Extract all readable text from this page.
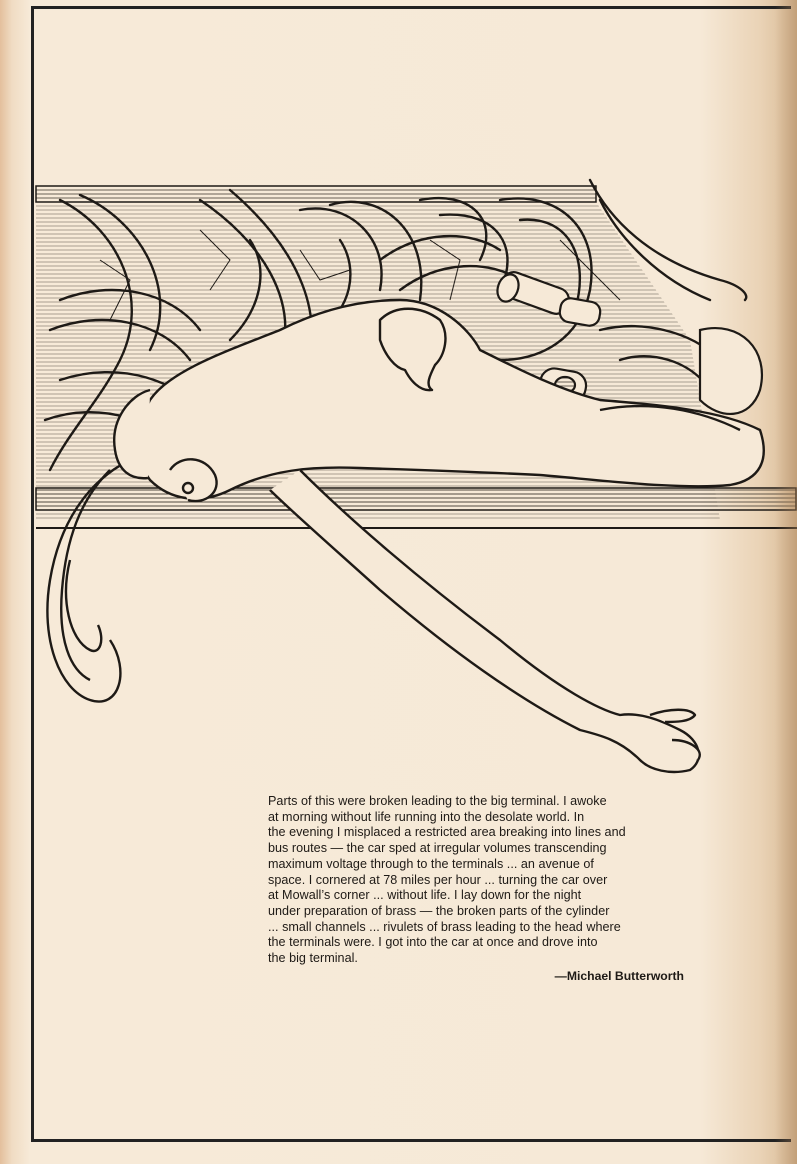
Parts of this were broken leading to the big terminal. I awoke
at morning without life running into the desolate world. In
the evening I misplaced a restricted area breaking into lines and
bus routes — the car sped at irregular volumes transcending
maximum voltage through to the terminals ... an avenue of
space. I cornered at 78 miles per hour ... turning the car over
at Mowall’s corner ... without life. I lay down for the night
under preparation of brass — the broken parts of the cylinder
... small channels ... rivulets of brass leading to the head where
the terminals were. I got into the car at once and drove into
the big terminal.
—Michael Butterworth
